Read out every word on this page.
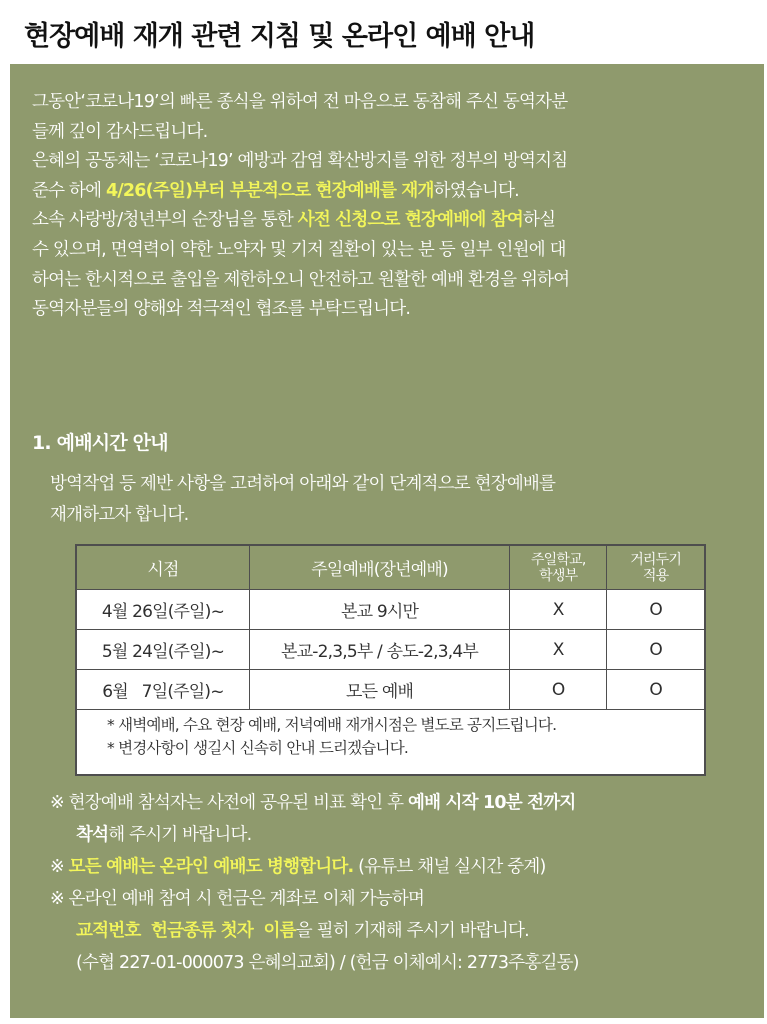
현장예배 재개 관련 지침 및 온라인 예배 안내

그동안‘코로나19’의 빠른 종식을 위하여 전 마음으로 동참해 주신 동역자분
들께 깊이 감사드립니다.
은혜의 공동체는 ‘코로나19’ 예방과 감염 확산방지를 위한 정부의 방역지침
준수 하에 4/26(주일)부터 부분적으로 현장예배를 재개하였습니다.
소속 사랑방/청년부의 순장님을 통한 사전 신청으로 현장예배에 참여하실
수 있으며, 면역력이 약한 노약자 및 기저 질환이 있는 분 등 일부 인원에 대
하여는 한시적으로 출입을 제한하오니 안전하고 원활한 예배 환경을 위하여
동역자분들의 양해와 적극적인 협조를 부탁드립니다.

1. 예배시간 안내
방역작업 등 제반 사항을 고려하여 아래와 같이 단계적으로 현장예배를
재개하고자 합니다.
시점	주일예배(장년예배)	주일학교,
학생부	거리두기
적용
4월 26일(주일)~	본교 9시만	X	O
5월 24일(주일)~	본교-2,3,5부 / 송도-2,3,4부	X	O
6월   7일(주일)~	모든 예배	O	O
* 새벽예배, 수요 현장 예배, 저녁예배 재개시점은 별도로 공지드립니다.
* 변경사항이 생길시 신속히 안내 드리겠습니다.
※ 현장예배 참석자는 사전에 공유된 비표 확인 후 예배 시작 10분 전까지
착석해 주시기 바랍니다.
※ 모든 예배는 온라인 예배도 병행합니다. (유튜브 채널 실시간 중계)
※ 온라인 예배 참여 시 헌금은 계좌로 이체 가능하며
교적번호  헌금종류 첫자  이름을 필히 기재해 주시기 바랍니다.
(수협 227-01-000073 은혜의교회) / (헌금 이체예시: 2773주홍길동)
